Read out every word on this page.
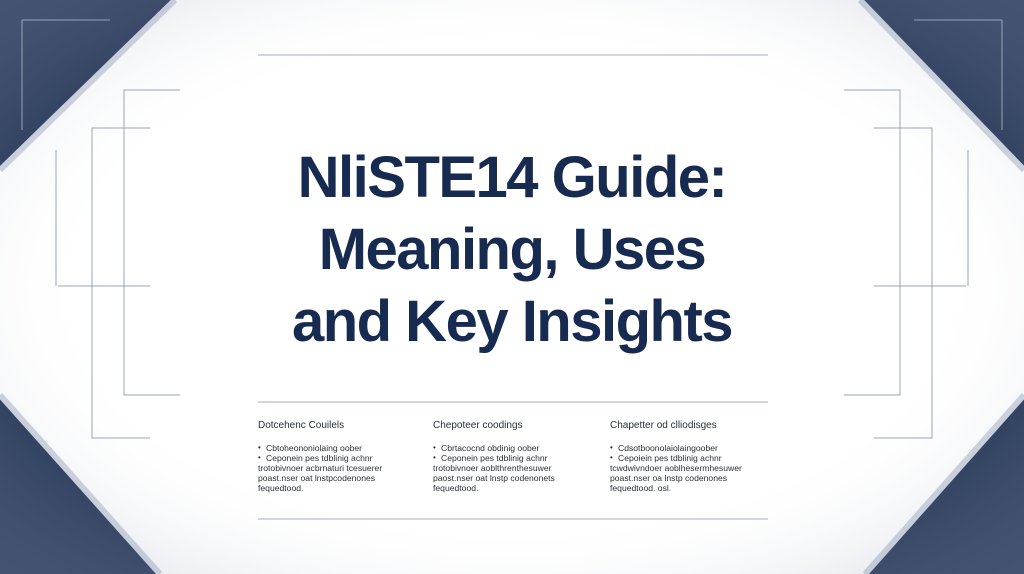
NliSTE14 Guide:
Meaning, Uses
and Key Insights
Dotcehenc Couilels
• Cbtoheononiolaing oober
• Ceponein pes tdblinig achnr
trotobivnoer acbrnaturi tcesuerer
poast.nser oat lnstpcodenones
fequedtood.
Chepoteer coodings
• Cbrtacocnd obdinig oober
• Ceponein pes tdblinig achnr
trotobivnoer aoblthrenthesuwer
paost.nser oat lnstp codenonets
fequedtood.
Chapetter od clliodisges
• Cdsotboonolaiolaingoober
• Cepoiein pes tdblinig achnr
tcwdwivndoer aoblhesermhesuwer
poast.nser oa lnstp codenones
fequedtood. osl.
